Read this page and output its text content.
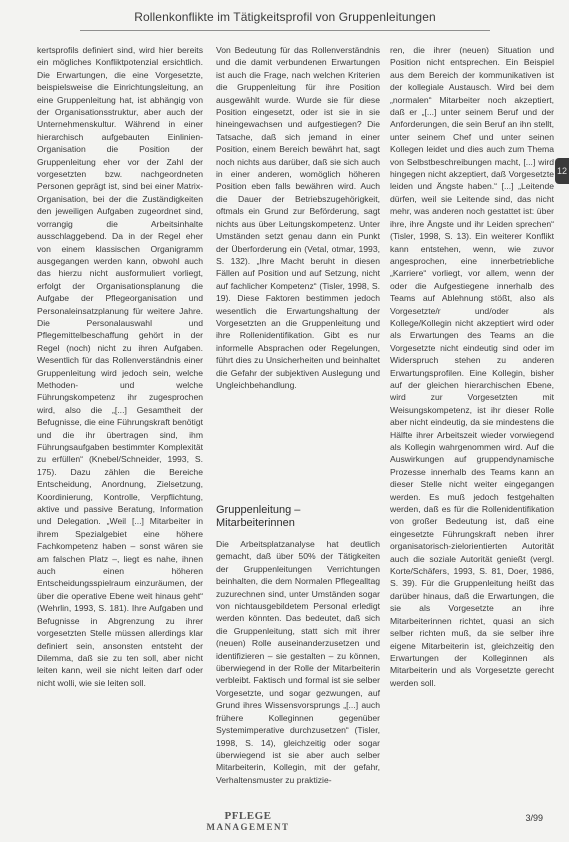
Rollenkonflikte im Tätigkeitsprofil von Gruppenleitungen

kertsprofils definiert sind, wird hier bereits ein mögliches Konfliktpotenzial ersichtlich. Die Erwartungen, die eine Vorgesetzte, beispielsweise die Einrichtungsleitung, an eine Gruppenleitung hat, ist abhängig von der Organisationsstruktur, aber auch der Unternehmenskultur. Während in einer hierarchisch aufgebauten Einlinien-Organisation die Position der Gruppenleitung eher vor der Zahl der vorgesetzten bzw. nachgeordneten Personen geprägt ist, sind bei einer Matrix-Organisation, bei der die Zuständigkeiten den jeweiligen Aufgaben zugeordnet sind, vorrangig die Arbeitsinhalte ausschlaggebend. Da in der Regel eher von einem klassischen Organigramm ausgegangen werden kann, obwohl auch das hierzu nicht ausformuliert vorliegt, erfolgt der Organisationsplanung die Aufgabe der Pflegeorganisation und Personaleinsatzplanung für weitere Jahre. Die Personalauswahl und Pflegemittelbeschaffung gehört in der Regel (noch) nicht zu ihren Aufgaben. Wesentlich für das Rollenverständnis einer Gruppenleitung wird jedoch sein, welche Methoden- und welche Führungskompetenz ihr zugesprochen wird, also die „[...] Gesamtheit der Befugnisse, die eine Führungskraft benötigt und die ihr übertragen sind, ihm Führungsaufgaben bestimmter Komplexität zu erfüllen“ (Knebel/Schneider, 1993, S. 175). Dazu zählen die Bereiche Entscheidung, Anordnung, Zielsetzung, Koordinierung, Kontrolle, Verpflichtung, aktive und passive Beratung, Information und Delegation. „Weil [...] Mitarbeiter in ihrem Spezialgebiet eine höhere Fachkompetenz haben – sonst wären sie am falschen Platz –, liegt es nahe, ihnen auch einen höheren Entscheidungsspielraum einzuräumen, der über die operative Ebene weit hinaus geht“ (Wehrlin, 1993, S. 181). Ihre Aufgaben und Befugnisse in Abgrenzung zu ihrer vorgesetzten Stelle müssen allerdings klar definiert sein, ansonsten entsteht der Dilemma, daß sie zu ten soll, aber nicht leiten kann, weil sie nicht leiten darf oder nicht wolli, wie sie leiten soll.

Von Bedeutung für das Rollenverständnis und die damit verbundenen Erwartungen ist auch die Frage, nach welchen Kriterien die Gruppenleitung für ihre Position ausgewählt wurde. Wurde sie für diese Position eingesetzt, oder ist sie in sie hineingewachsen und aufgestiegen? Die Tatsache, daß sich jemand in einer Position, einem Bereich bewährt hat, sagt noch nichts aus darüber, daß sie sich auch in einer anderen, womöglich höheren Position eben falls bewähren wird. Auch die Dauer der Betriebszugehörigkeit, oftmals ein Grund zur Beförderung, sagt nichts aus über Leitungskompetenz. Unter Umständen setzt genau dann ein Punkt der Überforderung ein (Vetal, otmar, 1993, S. 132). „Ihre Macht beruht in diesen Fällen auf Position und auf Setzung, nicht auf fachlicher Kompetenz“ (Tisler, 1998, S. 19). Diese Faktoren bestimmen jedoch wesentlich die Erwartungshaltung der Vorgesetzten an die Gruppenleitung und ihre Rollenidentifikation. Gibt es nur informelle Absprachen oder Regelungen, führt dies zu Unsicherheiten und beinhaltet die Gefahr der subjektiven Auslegung und Ungleichbehandlung.

Gruppenleitung – Mitarbeiterinnen

Die Arbeitsplatzanalyse hat deutlich gemacht, daß über 50% der Tätigkeiten der Gruppenleitungen Verrichtungen beinhalten, die dem Normalen Pflegealltag zuzurechnen sind, unter Umständen sogar von nichtausgebildetem Personal erledigt werden könnten. Das bedeutet, daß sich die Gruppenleitung, statt sich mit ihrer (neuen) Rolle auseinanderzusetzen und identifizieren – sie gestalten – zu können, überwiegend in der Rolle der Mitarbeiterin verbleibt. Faktisch und formal ist sie selber Vorgesetzte, und sogar gezwungen, auf Grund ihres Wissensvorsprungs „[...] auch frühere Kolleginnen gegenüber Systemimperative durchzusetzen“ (Tisler, 1998, S. 14), gleichzeitig oder sogar überwiegend ist sie aber auch selber Mitarbeiterin, Kollegin, mit der gefahr, Verhaltensmuster zu praktizie-

ren, die ihrer (neuen) Situation und Position nicht entsprechen. Ein Beispiel aus dem Bereich der kommunikativen ist der kollegiale Austausch. Wird bei dem „normalen“ Mitarbeiter noch akzeptiert, daß er „[...] unter seinem Beruf und der Anforderungen, die sein Beruf an ihn stellt, unter seinem Chef und unter seinen Kollegen leidet und dies auch zum Thema von Selbstbeschreibungen macht, [...] wird hingegen nicht akzeptiert, daß Vorgesetzte leiden und Ängste haben.“ [...] „Leitende dürfen, weil sie Leitende sind, das nicht mehr, was anderen noch gestattet ist: über ihre, ihre Ängste und ihr Leiden sprechen“ (Tisler, 1998, S. 13). Ein weiterer Konflikt kann entstehen, wenn, wie zuvor angesprochen, eine innerbetriebliche „Karriere“ vorliegt, vor allem, wenn der oder die Aufgestiegene innerhalb des Teams auf Ablehnung stößt, also als Vorgesetzte/r und/oder als Kollege/Kollegin nicht akzeptiert wird oder als Erwartungen des Teams an die Vorgesetzte nicht eindeutig sind oder im Widerspruch stehen zu anderen Erwartungsprofilen. Eine Kollegin, bisher auf der gleichen hierarchischen Ebene, wird zur Vorgesetzten mit Weisungskompetenz, ist ihr dieser Rolle aber nicht eindeutig, da sie mindestens die Hälfte ihrer Arbeitszeit wieder vorwiegend als Kollegin wahrgenommen wird. Auf die Auswirkungen auf gruppendynamische Prozesse innerhalb des Teams kann an dieser Stelle nicht weiter eingegangen werden. Es muß jedoch festgehalten werden, daß es für die Rollenidentifikation von großer Bedeutung ist, daß eine eingesetzte Führungskraft neben ihrer organisatorisch-zielorientierten Autorität auch die soziale Autorität genießt (vergl. Korte/Schäfers, 1993, S. 81, Doer, 1986, S. 39). Für die Gruppenleitung heißt das darüber hinaus, daß die Erwartungen, die sie als Vorgesetzte an ihre Mitarbeiterinnen richtet, quasi an sich selber richten muß, da sie selber ihre eigene Mitarbeiterin ist, gleichzeitig den Erwartungen der Kolleginnen als Mitarbeiterin und als Vorgesetzte gerecht werden soll.

12
PFLEGE
MANAGEMENT
3/99
